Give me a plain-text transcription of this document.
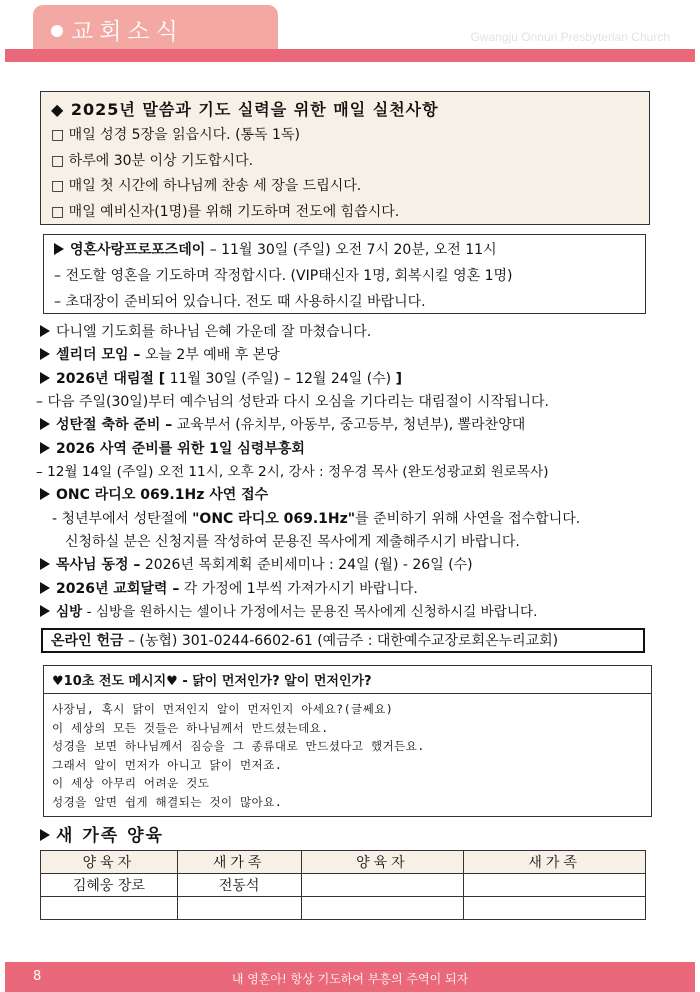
교회소식	Gwangju Onnuri Presbyterian Church
◆ 2025년 말씀과 기도 실력을 위한 매일 실천사항
□ 매일 성경 5장을 읽읍시다. (통독 1독)
□ 하루에 30분 이상 기도합시다.
□ 매일 첫 시간에 하나님께 찬송 세 장을 드립시다.
□ 매일 예비신자(1명)를 위해 기도하며 전도에 힘씁시다.
영혼사랑프로포즈데이 – 11월 30일 (주일) 오전 7시 20분, 오전 11시
– 전도할 영혼을 기도하며 작정합시다. (VIP태신자 1명, 회복시킬 영혼 1명)
– 초대장이 준비되어 있습니다. 전도 때 사용하시길 바랍니다.
다니엘 기도회를 하나님 은혜 가운데 잘 마쳤습니다.
셀리더 모임 – 오늘 2부 예배 후 본당
2026년 대림절 [ 11월 30일 (주일) – 12월 24일 (수) ]
– 다음 주일(30일)부터 예수님의 성탄과 다시 오심을 기다리는 대림절이 시작됩니다.
성탄절 축하 준비 – 교육부서 (유치부, 아동부, 중고등부, 청년부), 뽈라찬양대
2026 사역 준비를 위한 1일 심령부흥회
– 12월 14일 (주일) 오전 11시, 오후 2시, 강사 : 정우경 목사 (완도성광교회 원로목사)
ONC 라디오 069.1Hz 사연 접수
- 청년부에서 성탄절에 "ONC 라디오 069.1Hz"를 준비하기 위해 사연을 접수합니다.
신청하실 분은 신청지를 작성하여 문용진 목사에게 제출해주시기 바랍니다.
목사님 동정 – 2026년 목회계획 준비세미나 : 24일 (월) - 26일 (수)
2026년 교회달력 – 각 가정에 1부씩 가져가시기 바랍니다.
심방 - 심방을 원하시는 셀이나 가정에서는 문용진 목사에게 신청하시길 바랍니다.
온라인 헌금 – (농협) 301-0244-6602-61 (예금주 : 대한예수교장로회온누리교회)
♥10초 전도 메시지♥ - 닭이 먼저인가? 알이 먼저인가?
사장님, 혹시 닭이 먼저인지 알이 먼저인지 아세요?(글쎄요)
이 세상의 모든 것들은 하나님께서 만드셨는데요.
성경을 보면 하나님께서 짐승을 그 종류대로 만드셨다고 했거든요.
그래서 알이 먼저가 아니고 닭이 먼저죠.
이 세상 아무리 어려운 것도
성경을 알면 쉽게 해결되는 것이 많아요.
새 가족 양육
양육자	새가족	양육자	새가족
김혜웅 장로	전동석		

8	내 영혼아! 항상 기도하여 부흥의 주역이 되자
